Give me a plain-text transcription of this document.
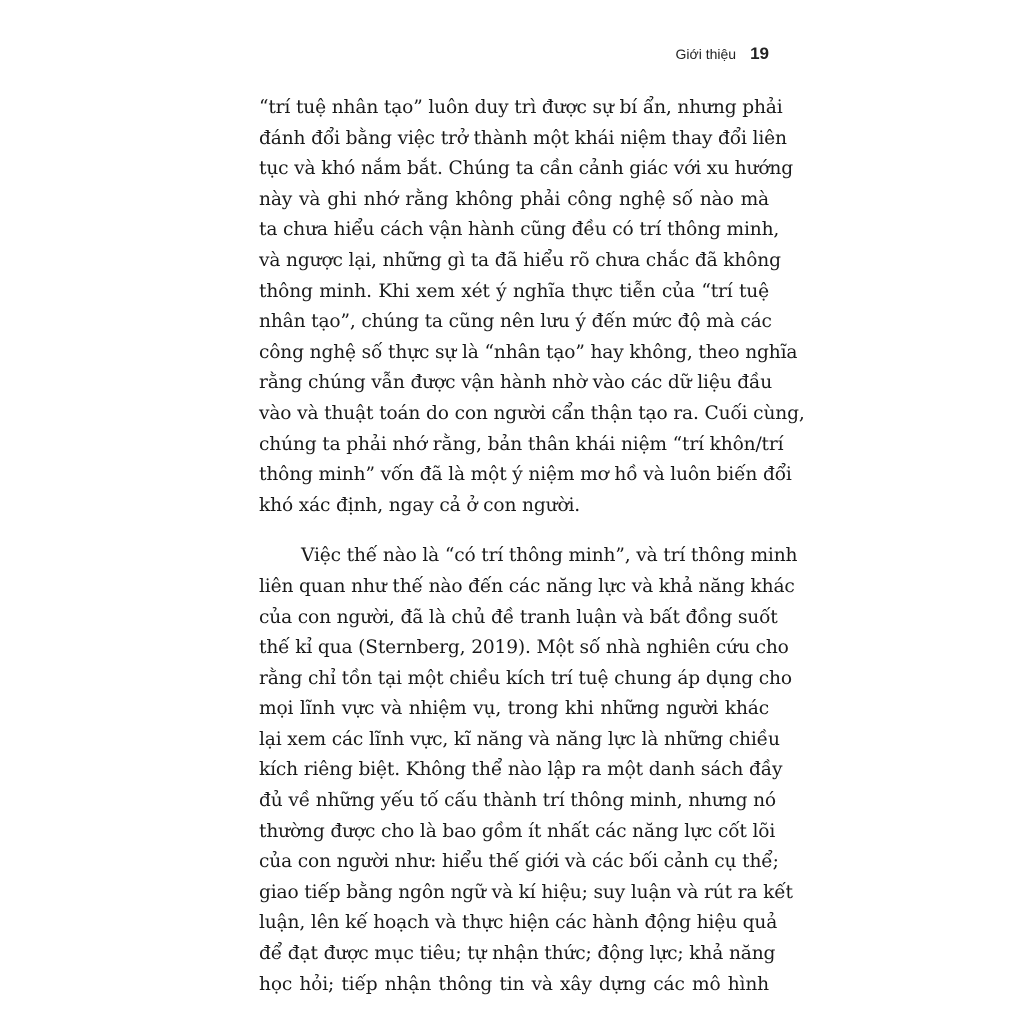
Giới thiệu 19
“trí tuệ nhân tạo” luôn duy trì được sự bí ẩn, nhưng phải
đánh đổi bằng việc trở thành một khái niệm thay đổi liên
tục và khó nắm bắt. Chúng ta cần cảnh giác với xu hướng
này và ghi nhớ rằng không phải công nghệ số nào mà
ta chưa hiểu cách vận hành cũng đều có trí thông minh,
và ngược lại, những gì ta đã hiểu rõ chưa chắc đã không
thông minh. Khi xem xét ý nghĩa thực tiễn của “trí tuệ
nhân tạo”, chúng ta cũng nên lưu ý đến mức độ mà các
công nghệ số thực sự là “nhân tạo” hay không, theo nghĩa
rằng chúng vẫn được vận hành nhờ vào các dữ liệu đầu
vào và thuật toán do con người cẩn thận tạo ra. Cuối cùng,
chúng ta phải nhớ rằng, bản thân khái niệm “trí khôn/trí
thông minh” vốn đã là một ý niệm mơ hồ và luôn biến đổi
khó xác định, ngay cả ở con người.
Việc thế nào là “có trí thông minh”, và trí thông minh
liên quan như thế nào đến các năng lực và khả năng khác
của con người, đã là chủ đề tranh luận và bất đồng suốt
thế kỉ qua (Sternberg, 2019). Một số nhà nghiên cứu cho
rằng chỉ tồn tại một chiều kích trí tuệ chung áp dụng cho
mọi lĩnh vực và nhiệm vụ, trong khi những người khác
lại xem các lĩnh vực, kĩ năng và năng lực là những chiều
kích riêng biệt. Không thể nào lập ra một danh sách đầy
đủ về những yếu tố cấu thành trí thông minh, nhưng nó
thường được cho là bao gồm ít nhất các năng lực cốt lõi
của con người như: hiểu thế giới và các bối cảnh cụ thể;
giao tiếp bằng ngôn ngữ và kí hiệu; suy luận và rút ra kết
luận, lên kế hoạch và thực hiện các hành động hiệu quả
để đạt được mục tiêu; tự nhận thức; động lực; khả năng
học hỏi; tiếp nhận thông tin và xây dựng các mô hình
